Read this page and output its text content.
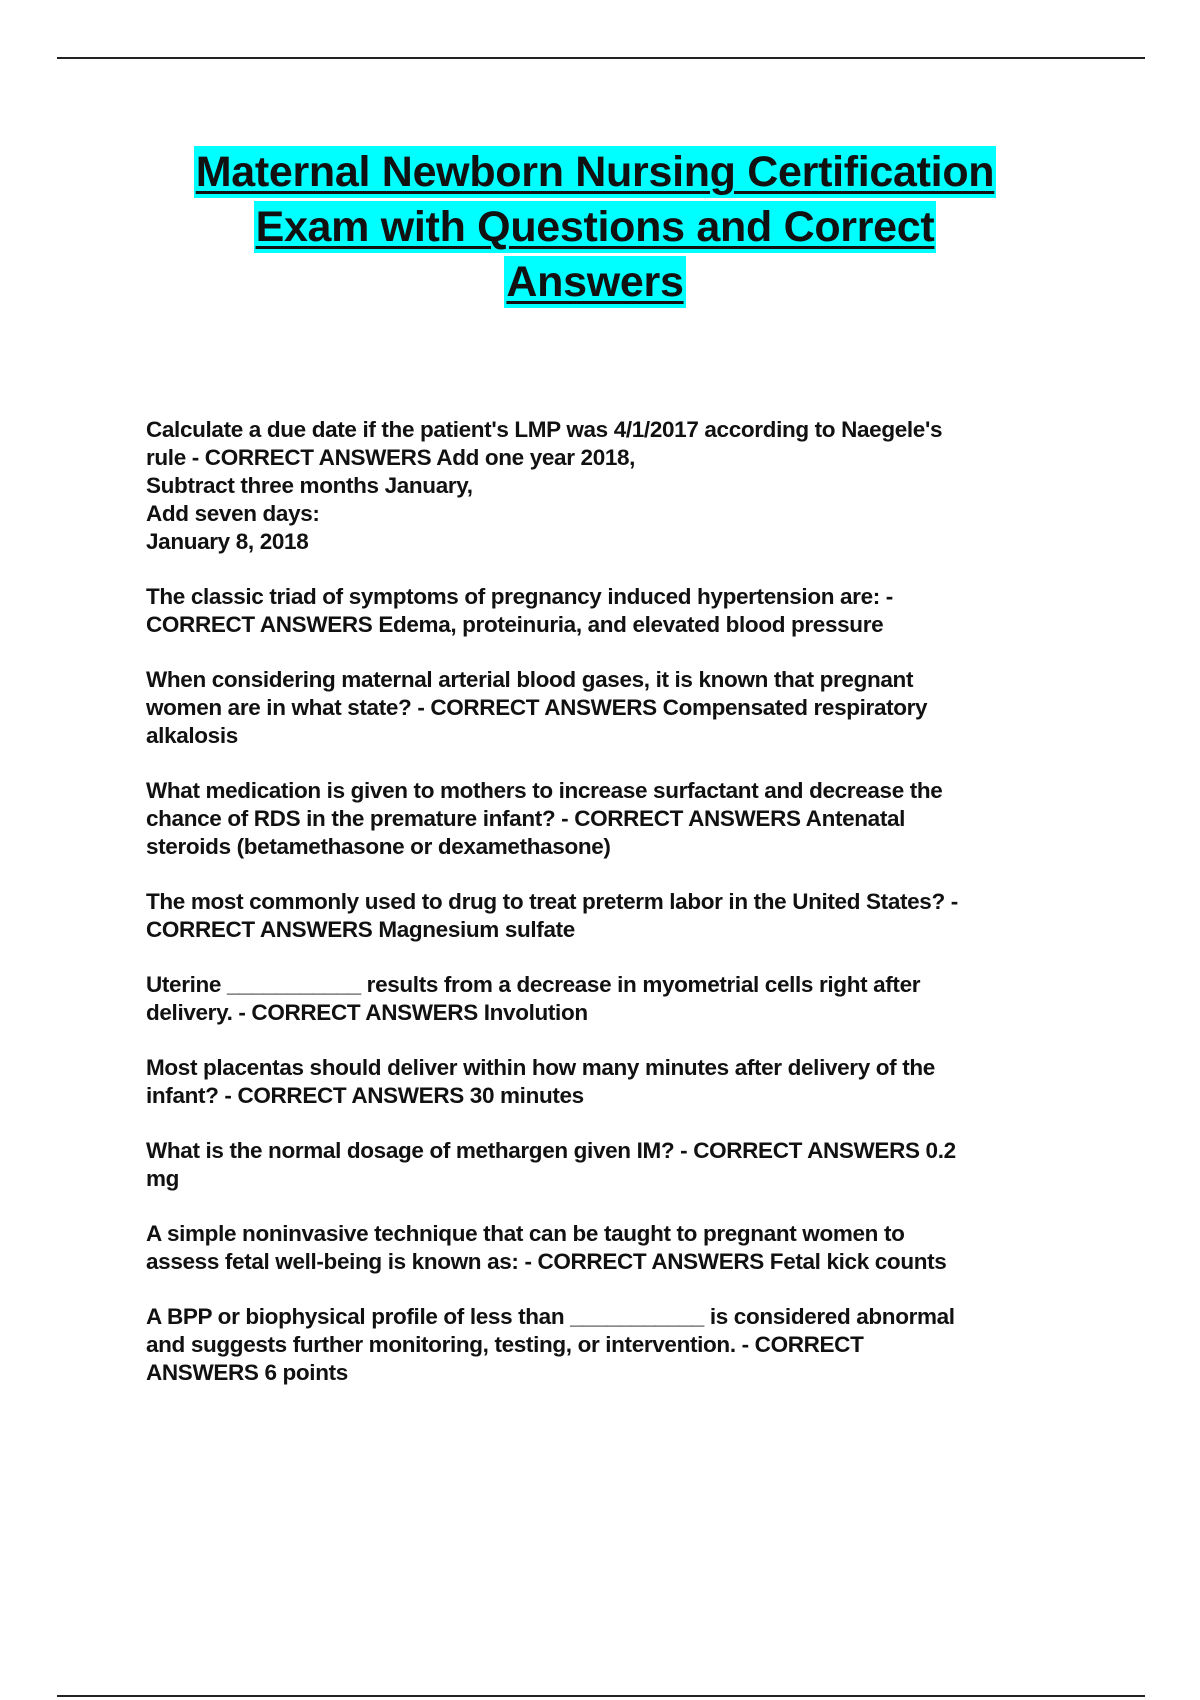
Maternal Newborn Nursing Certification
Exam with Questions and Correct
Answers

Calculate a due date if the patient's LMP was 4/1/2017 according to Naegele's
rule - CORRECT ANSWERS Add one year 2018,
Subtract three months January,
Add seven days:
January 8, 2018

The classic triad of symptoms of pregnancy induced hypertension are: -
CORRECT ANSWERS Edema, proteinuria, and elevated blood pressure

When considering maternal arterial blood gases, it is known that pregnant
women are in what state? - CORRECT ANSWERS Compensated respiratory
alkalosis

What medication is given to mothers to increase surfactant and decrease the
chance of RDS in the premature infant? - CORRECT ANSWERS Antenatal
steroids (betamethasone or dexamethasone)

The most commonly used to drug to treat preterm labor in the United States? -
CORRECT ANSWERS Magnesium sulfate

Uterine ___________ results from a decrease in myometrial cells right after
delivery. - CORRECT ANSWERS Involution

Most placentas should deliver within how many minutes after delivery of the
infant? - CORRECT ANSWERS 30 minutes

What is the normal dosage of methargen given IM? - CORRECT ANSWERS 0.2
mg

A simple noninvasive technique that can be taught to pregnant women to
assess fetal well-being is known as: - CORRECT ANSWERS Fetal kick counts

A BPP or biophysical profile of less than ___________ is considered abnormal
and suggests further monitoring, testing, or intervention. - CORRECT
ANSWERS 6 points
